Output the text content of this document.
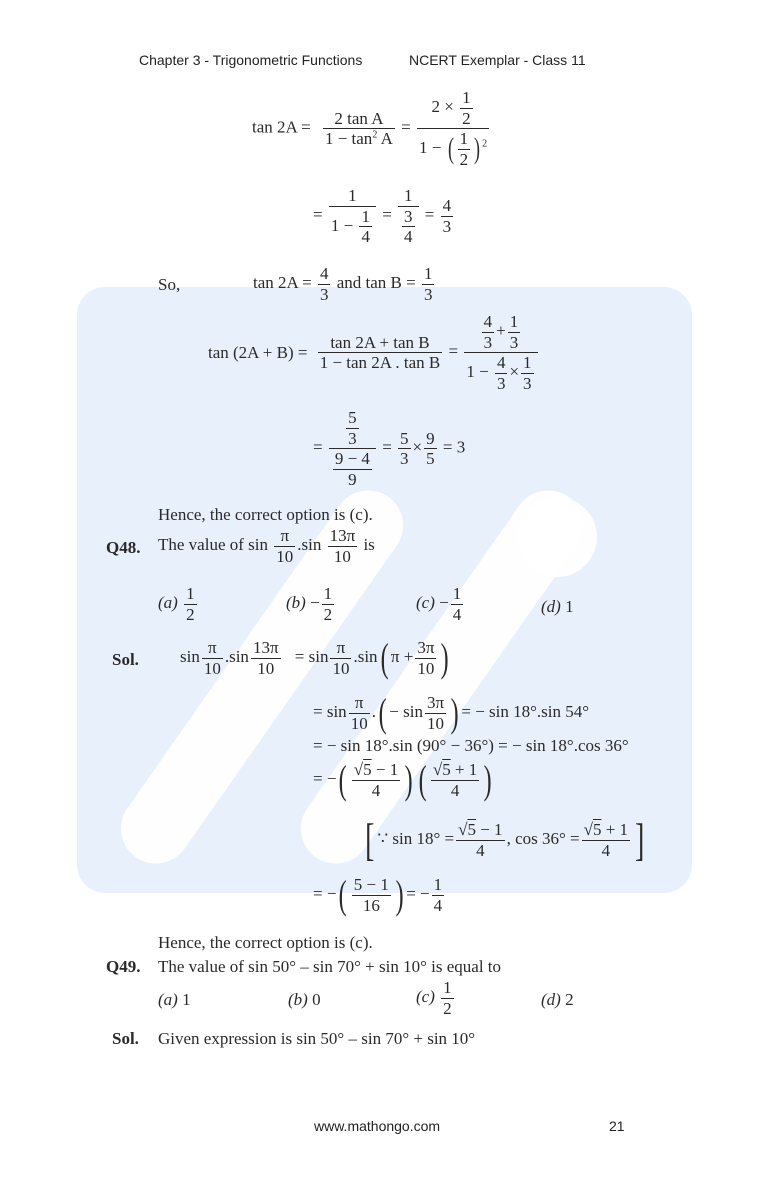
Chapter 3 - Trigonometric Functions	NCERT Exemplar - Class 11
$\tan 2A = \frac{\text{2 tan A}}{1 - \tan^2 A} = \frac{2 \times \frac{1}{2}}{1 - ( \frac{1}{2} ) ^2}$
= $\frac{1}{1 - \frac{1}{4}} = \frac{1}{\frac{3}{4}} = \frac{4}{3}$
So,	$\tan 2A = \frac{4}{3}$ and $\tan B = \frac{1}{3}$
$\tan (2A + B) = \frac{\text{tan 2A + tan B}}{\text{1 − tan 2A . tan B}} = \frac{\frac{4}{3} + \frac{1}{3}}{1 - \frac{4}{3} \times \frac{1}{3}}$
= $\frac{\frac{5}{3}}{\frac{9 - 4}{9}} = \frac{5}{3} \times \frac{9}{5} = 3$
Hence, the correct option is (c).
Q48. The value of $\sin \frac{\pi}{10} .\sin \frac{13\pi}{10}$ is
$(a) \frac{1}{2}$	$(b) - \frac{1}{2}$	$(c) - \frac{1}{4}$	(d) 1
Sol. $\sin \frac{\pi}{10} .\sin \frac{13\pi}{10} = \sin \frac{\pi}{10} .\sin$( $\pi + \frac{3\pi}{10}$ )
= $\sin \frac{\pi}{10}$ .( − $\sin \frac{3\pi}{10}$ ) = − sin 18°.sin 54°
= − sin 18°.sin (90° − 36°) = − sin 18°.cos 36°
= −( $\frac{√5 - 1}{4}$ ) ( $\frac{√5 + 1}{4}$ )
[ ∵ $\sin 18^\circ = \frac{√5 - 1}{4}$ , $\cos 36^\circ = \frac{√5 + 1}{4}$ ]
= −( $\frac{5 - 1}{16}$ ) = − $\frac{1}{4}$
Hence, the correct option is (c).
Q49. The value of sin 50° – sin 70° + sin 10° is equal to
(a) 1	(b) 0	$(c) \frac{1}{2}$	(d) 2
Sol. Given expression is sin 50° – sin 70° + sin 10°
www.mathongo.com	21
